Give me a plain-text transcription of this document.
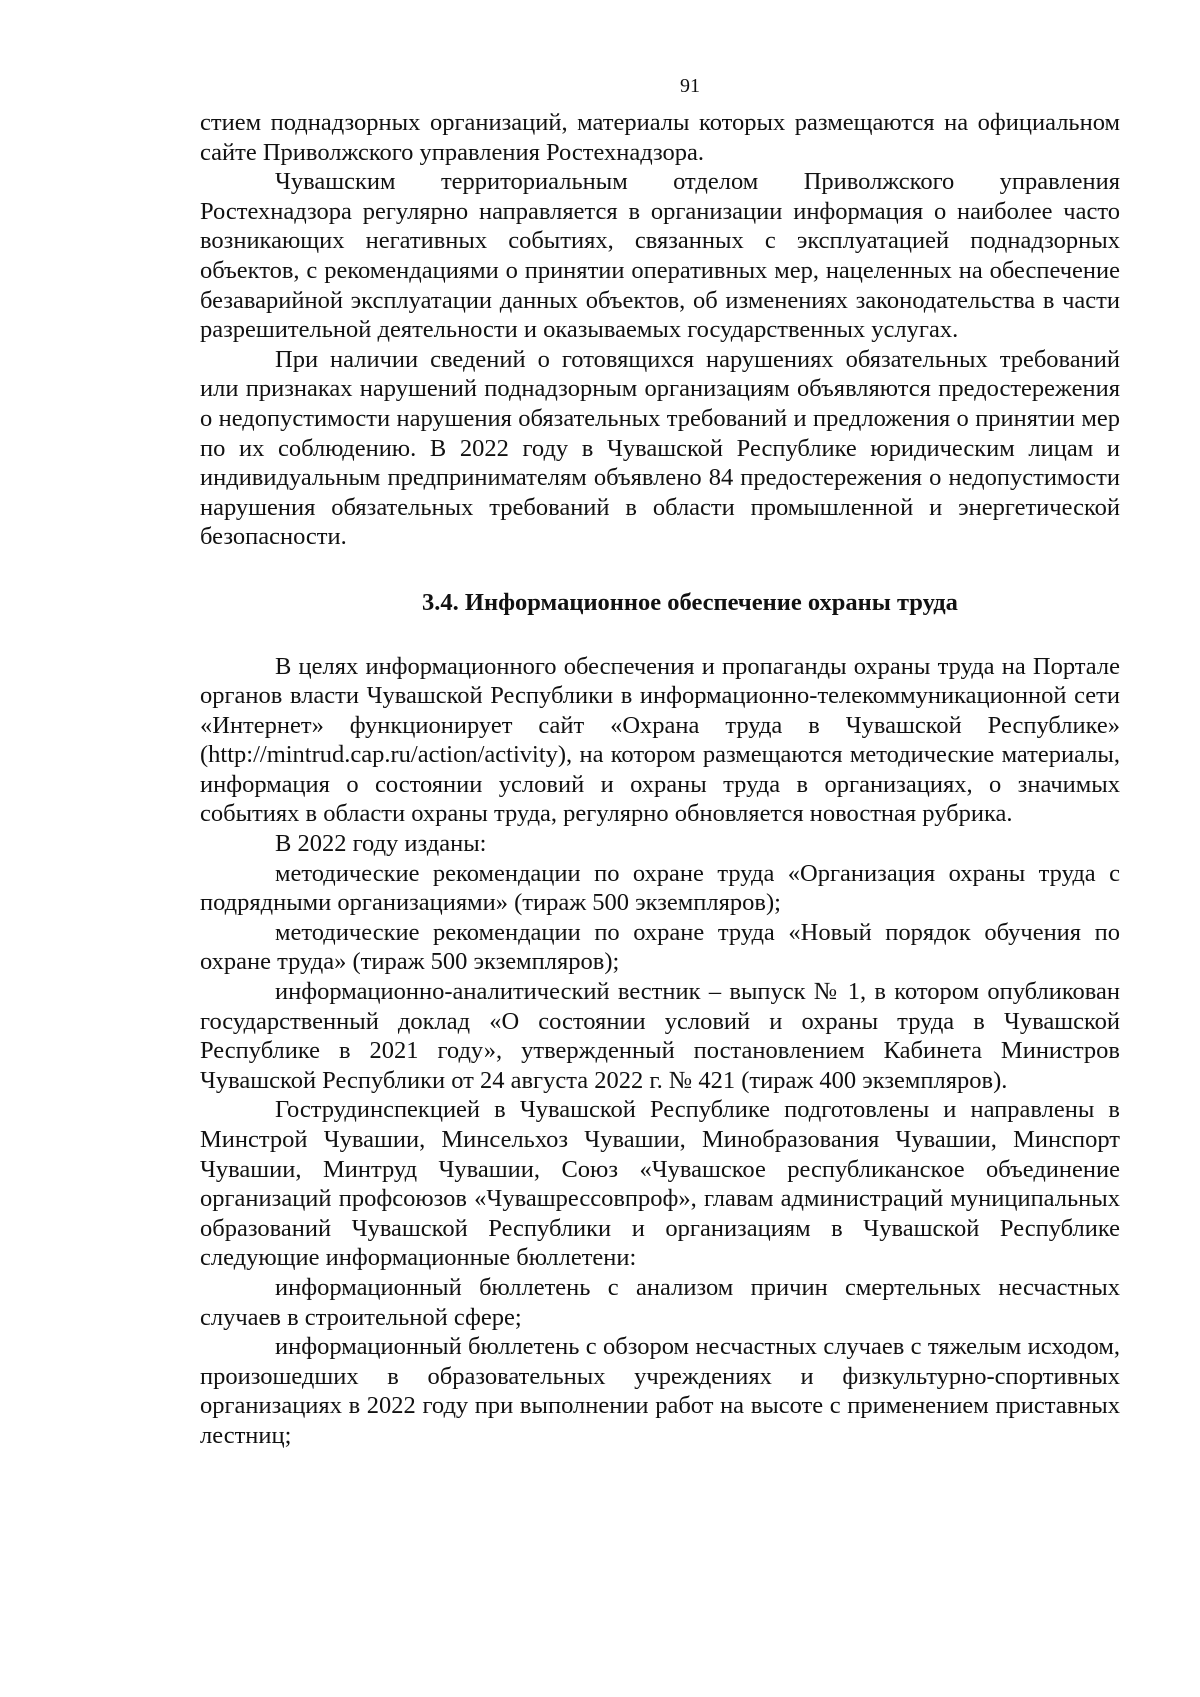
91

стием поднадзорных организаций, материалы которых размещаются на официальном сайте Приволжского управления Ростехнадзора.

Чувашским территориальным отделом Приволжского управления Ростехнадзора регулярно направляется в организации информация о наиболее часто возникающих негативных событиях, связанных с эксплуатацией поднадзорных объектов, с рекомендациями о принятии оперативных мер, нацеленных на обеспечение безаварийной эксплуатации данных объектов, об изменениях законодательства в части разрешительной деятельности и оказываемых государственных услугах.

При наличии сведений о готовящихся нарушениях обязательных требований или признаках нарушений поднадзорным организациям объявляются предостережения о недопустимости нарушения обязательных требований и предложения о принятии мер по их соблюдению. В 2022 году в Чувашской Республике юридическим лицам и индивидуальным предпринимателям объявлено 84 предостережения о недопустимости нарушения обязательных требований в области промышленной и энергетической безопасности.

3.4. Информационное обеспечение охраны труда

В целях информационного обеспечения и пропаганды охраны труда на Портале органов власти Чувашской Республики в информационно-телекоммуникационной сети «Интернет» функционирует сайт «Охрана труда в Чувашской Республике» (http://mintrud.cap.ru/action/activity), на котором размещаются методические материалы, информация о состоянии условий и охраны труда в организациях, о значимых событиях в области охраны труда, регулярно обновляется новостная рубрика.

В 2022 году изданы:

методические рекомендации по охране труда «Организация охраны труда с подрядными организациями» (тираж 500 экземпляров);

методические рекомендации по охране труда «Новый порядок обучения по охране труда» (тираж 500 экземпляров);

информационно-аналитический вестник – выпуск № 1, в котором опубликован государственный доклад «О состоянии условий и охраны труда в Чувашской Республике в 2021 году», утвержденный постановлением Кабинета Министров Чувашской Республики от 24 августа 2022 г. № 421 (тираж 400 экземпляров).

Гострудинспекцией в Чувашской Республике подготовлены и направлены в Минстрой Чувашии, Минсельхоз Чувашии, Минобразования Чувашии, Минспорт Чувашии, Минтруд Чувашии, Союз «Чувашское республиканское объединение организаций профсоюзов «Чувашрессовпроф», главам администраций муниципальных образований Чувашской Республики и организациям в Чувашской Республике следующие информационные бюллетени:

информационный бюллетень с анализом причин смертельных несчастных случаев в строительной сфере;

информационный бюллетень с обзором несчастных случаев с тяжелым исходом, произошедших в образовательных учреждениях и физкультурно-спортивных организациях в 2022 году при выполнении работ на высоте с применением приставных лестниц;
